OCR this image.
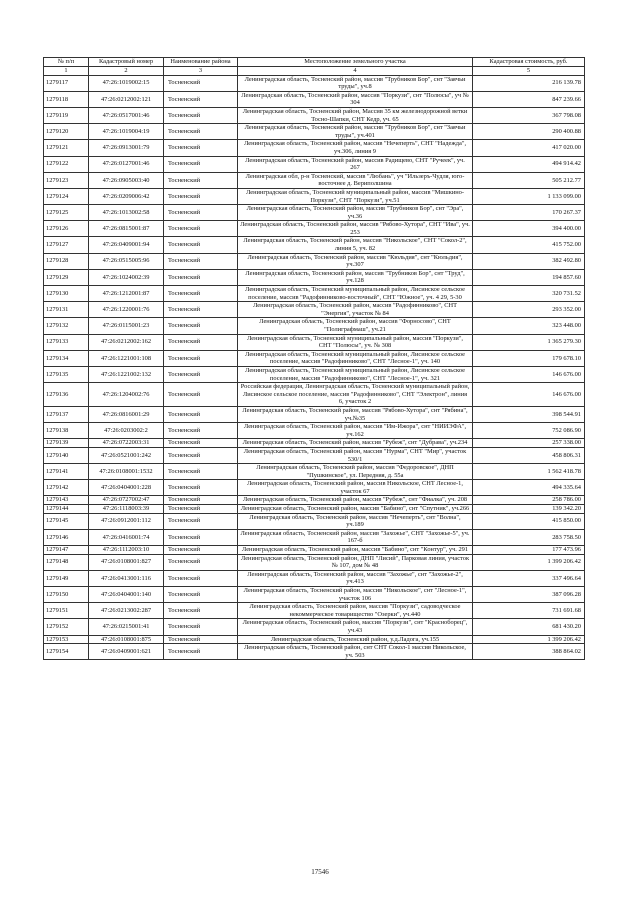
№ п/п	Кадастровый номер	Наименование района	Местоположение земельного участка	Кадастровая стоимость, руб.
1	2	3	4	5
1279117	47:26:1019002:15	Тосненский	Ленинградская область, Тосненский район, массив "Трубников Бор", снт "Заячьи труды", уч.8	216 139.78
1279118	47:26:0212002:121	Тосненский	Ленинградская область, Тосненский район, массив "Поркузи", снт "Полюсы", уч № 304	847 239.66
1279119	47:26:0517001:46	Тосненский	Ленинградская область, Тосненский район, Массив 35 км железнодорожной ветки Тосно-Шапки, СНТ Кедр, уч. 65	367 798.08
1279120	47:26:1019004:19	Тосненский	Ленинградская область, Тосненский район, массив "Трубников Бор", снт "Заячьи труды", уч.401	290 400.88
1279121	47:26:0913001:79	Тосненский	Ленинградская область, Тосненский район, массив "Нечеперть", СНТ "Надежда", уч.306, линия 9	417 020.00
1279122	47:26:0127001:46	Тосненский	Ленинградская область, Тосненский район, массив Радищево, СНТ "Ручеек", уч. 267	494 914.42
1279123	47:26:0905003:40	Тосненский	Ленинградская обл, р-н Тосненский, массив "Любань", уч "Ильзеръ-Чудля, юго-восточнее д. Вериполшина	505 212.77
1279124	47:26:0209006:42	Тосненский	Ленинградская область, Тосненский муниципальный район, массив "Мишкино-Поркузи", СНТ "Поркузи", уч.51	1 133 099.00
1279125	47:26:1013002:58	Тосненский	Ленинградская область, Тосненский район, массив "Трубников Бор", снт "Эра", уч.36	170 267.37
1279126	47:26:0815001:87	Тосненский	Ленинградская область, Тосненский район, массив "Рябово-Хутора", СНТ "Ива", уч. 253	394 400.00
1279127	47:26:0409001:94	Тосненский	Ленинградская область, Тосненский район, массив "Никольское", СНТ "Сокол-2", линия 5, уч. 82	415 752.00
1279128	47:26:0515005:96	Тосненский	Ленинградская область, Тосненский район, массив "Кюльдия", снт "Кюльдия", уч.307	382 492.80
1279129	47:26:1024002:39	Тосненский	Ленинградская область, Тосненский район, массив "Трубников Бор", снт "Труд", уч.128	194 857.60
1279130	47:26:1212001:87	Тосненский	Ленинградская область, Тосненский муниципальный район, Лисинское сельское поселение, массив "Радофинниково-восточный", СНТ "Южное", уч. 4 29, 5-30	320 731.52
1279131	47:26:1220001:76	Тосненский	Ленинградская область, Тосненский район, массив "Радофинниково", СНТ "Энергия", участок № 84	293 352.00
1279132	47:26:0115001:23	Тосненский	Ленинградская область, Тосненский район, массив "Форносово", СНТ "Полиграфмаш", уч.21	323 448.00
1279133	47:26:0212002:162	Тосненский	Ленинградская область, Тосненский муниципальный район, массив "Поркузи", СНТ "Полюсы", уч. № 308	1 365 279.30
1279134	47:26:1221001:108	Тосненский	Ленинградская область, Тосненский муниципальный район, Лисинское сельское поселение, массив "Радофинниково", СНТ "Лесное-1", уч. 140	179 678.10
1279135	47:26:1221002:132	Тосненский	Ленинградская область, Тосненский муниципальный район, Лисинское сельское поселение, массив "Радофинниково", СНТ "Лесное-1", уч. 321	146 676.00
1279136	47:26:1204002:76	Тосненский	Российская федерация, Ленинградская область, Тосненский муниципальный район, Лисинское сельское поселение, массив "Радофинниково", СНТ "Электрон", линия 6, участок 2	146 676.00
1279137	47:26:0816001:29	Тосненский	Ленинградская область, Тосненский район, массив "Рябово-Хутора", снт "Рябина", уч.№35	398 544.91
1279138	47:26:0203002:2	Тосненский	Ленинградская область, Тосненский район, массив "Им-Ижора", снт "НИИЭФА", уч.162	752 086.90
1279139	47:26:0722003:31	Тосненский	Ленинградская область, Тосненский район, массив "Рубеж", снт "Дубрава", уч.234	257 338.00
1279140	47:26:0521001:242	Тосненский	Ленинградская область, Тосненский район, массив "Нурма", СНТ "Мир", участок 530/1	458 806.31
1279141	47:26:0108001:1532	Тосненский	Ленинградская область, Тосненский район, массив "Федоровское", ДНП "Пушкинское", ул. Передняя, д. 55а	1 562 418.78
1279142	47:26:0404001:228	Тосненский	Ленинградская область, Тосненский район, массив Никольское, СНТ Лесное-1, участок 67	494 335.64
1279143	47:26:0727002:47	Тосненский	Ленинградская область, Тосненский район, массив "Рубеж", снт "Фиалка", уч. 208	258 786.00
1279144	47:26:1118003:39	Тосненский	Ленинградская область, Тосненский район, массив "Бабино", снт "Спутник", уч.266	139 342.20
1279145	47:26:0912001:112	Тосненский	Ленинградская область, Тосненский район, массив "Нечеперть", снт "Волна", уч.189	415 850.00
1279146	47:26:0416001:74	Тосненский	Ленинградская область, Тосненский район, массив "Захожье", СНТ "Захожье-5", уч. 167-б	283 758.50
1279147	47:26:1112003:10	Тосненский	Ленинградская область, Тосненский район, массив "Бабино", снт "Контур", уч. 291	177 473.96
1279148	47:26:0108001:827	Тосненский	Ленинградская область, Тосненский район, ДНП "Лисий", Парковая линия, участок № 107, дом № 48	1 399 206.42
1279149	47:26:0413001:116	Тосненский	Ленинградская область, Тосненский район, массив "Захожье", снт "Захожье-2", уч.413	337 496.64
1279150	47:26:0404001:140	Тосненский	Ленинградская область, Тосненский район, массив "Никольское", снт "Лесное-1", участок 106	387 096.28
1279151	47:26:0213002:287	Тосненский	Ленинградская область, Тосненский район, массив "Поркузи", садоводческое некоммерческое товарищество "Озерки", уч.440	731 691.68
1279152	47:26:0215001:41	Тосненский	Ленинградская область, Тосненский район, массив "Поркузи", снт "Красноборец", уч.43	681 430.20
1279153	47:26:0108001:875	Тосненский	Ленинградская область, Тосненский район, у.д.Ладога, уч.155	1 399 206.42
1279154	47:26:0409001:621	Тосненский	Ленинградская область, Тосненский район, снт СНТ Сокол-1 массив Никольское, уч. 503	388 864.02
17546
